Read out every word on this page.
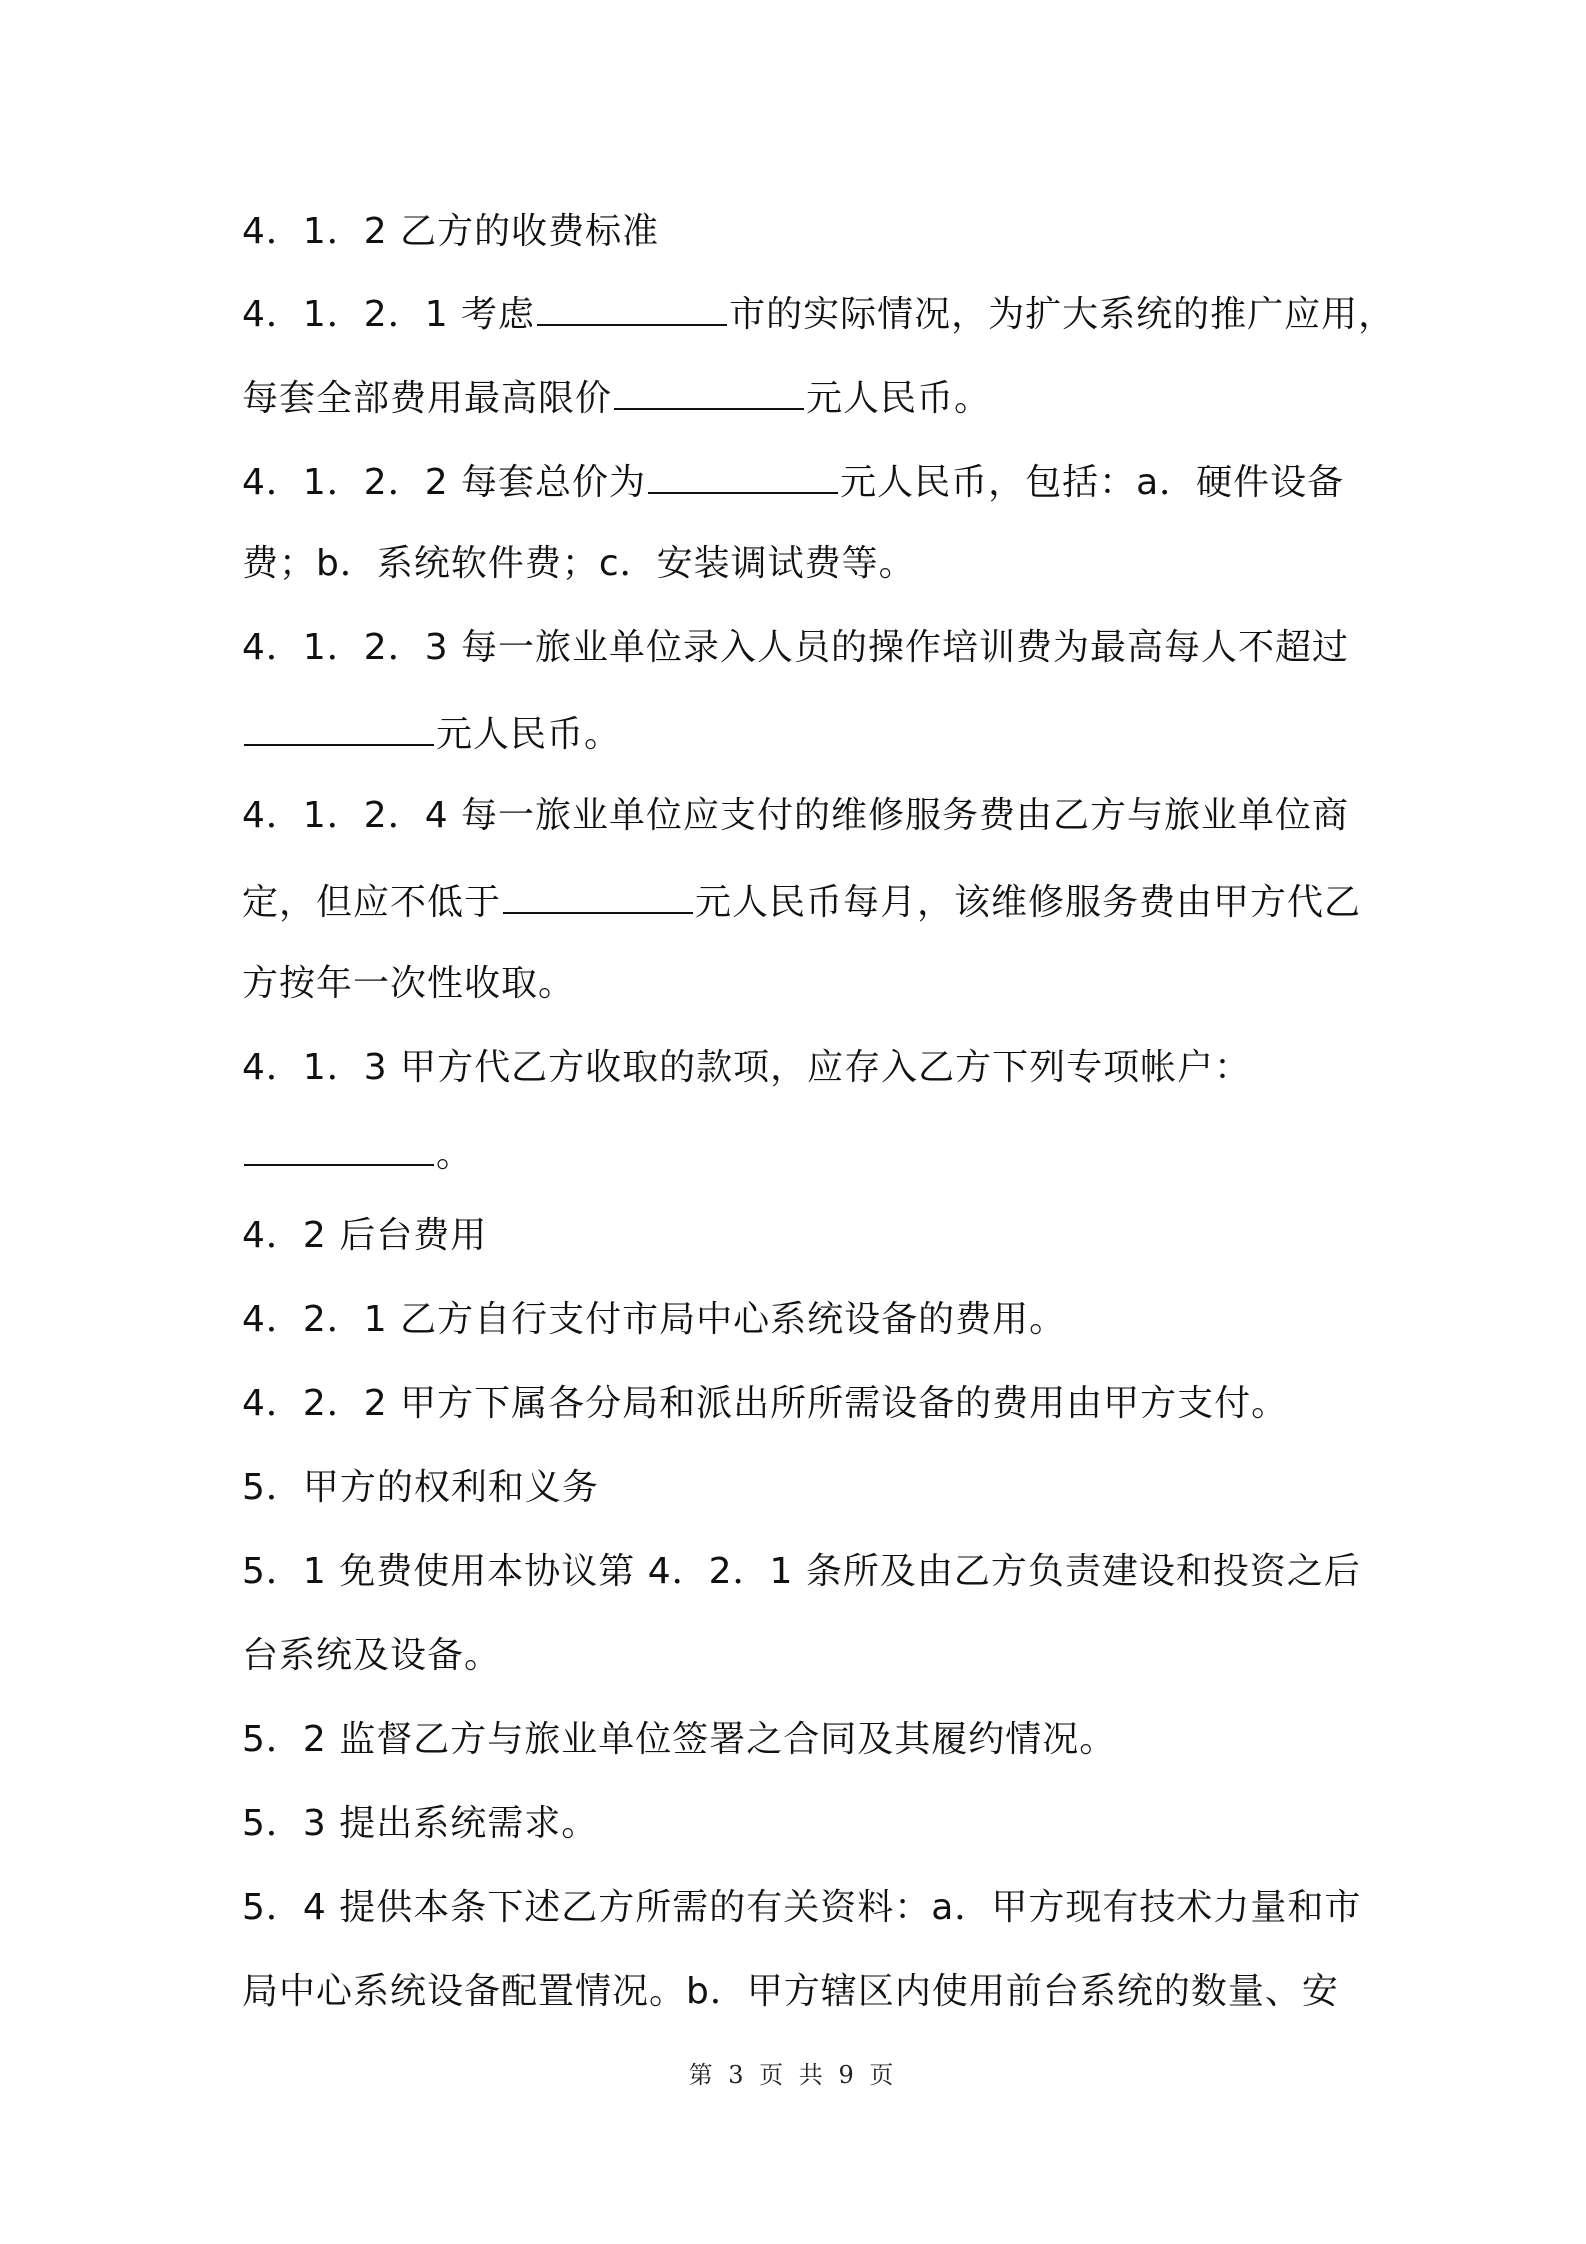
4．1．2 乙方的收费标准
4．1．2．1 考虑	市的实际情况，为扩大系统的推广应用，
每套全部费用最高限价	元人民币。
4．1．2．2 每套总价为	元人民币，包括：a．硬件设备
费；b．系统软件费；c．安装调试费等。
4．1．2．3 每一旅业单位录入人员的操作培训费为最高每人不超过
元人民币。
4．1．2．4 每一旅业单位应支付的维修服务费由乙方与旅业单位商
定，但应不低于	元人民币每月，该维修服务费由甲方代乙
方按年一次性收取。
4．1．3 甲方代乙方收取的款项，应存入乙方下列专项帐户：
。
4．2 后台费用
4．2．1 乙方自行支付市局中心系统设备的费用。
4．2．2 甲方下属各分局和派出所所需设备的费用由甲方支付。
5．甲方的权利和义务
5．1 免费使用本协议第 4．2．1 条所及由乙方负责建设和投资之后
台系统及设备。
5．2 监督乙方与旅业单位签署之合同及其履约情况。
5．3 提出系统需求。
5．4 提供本条下述乙方所需的有关资料：a．甲方现有技术力量和市
局中心系统设备配置情况。b．甲方辖区内使用前台系统的数量、安
第 3 页 共 9 页
